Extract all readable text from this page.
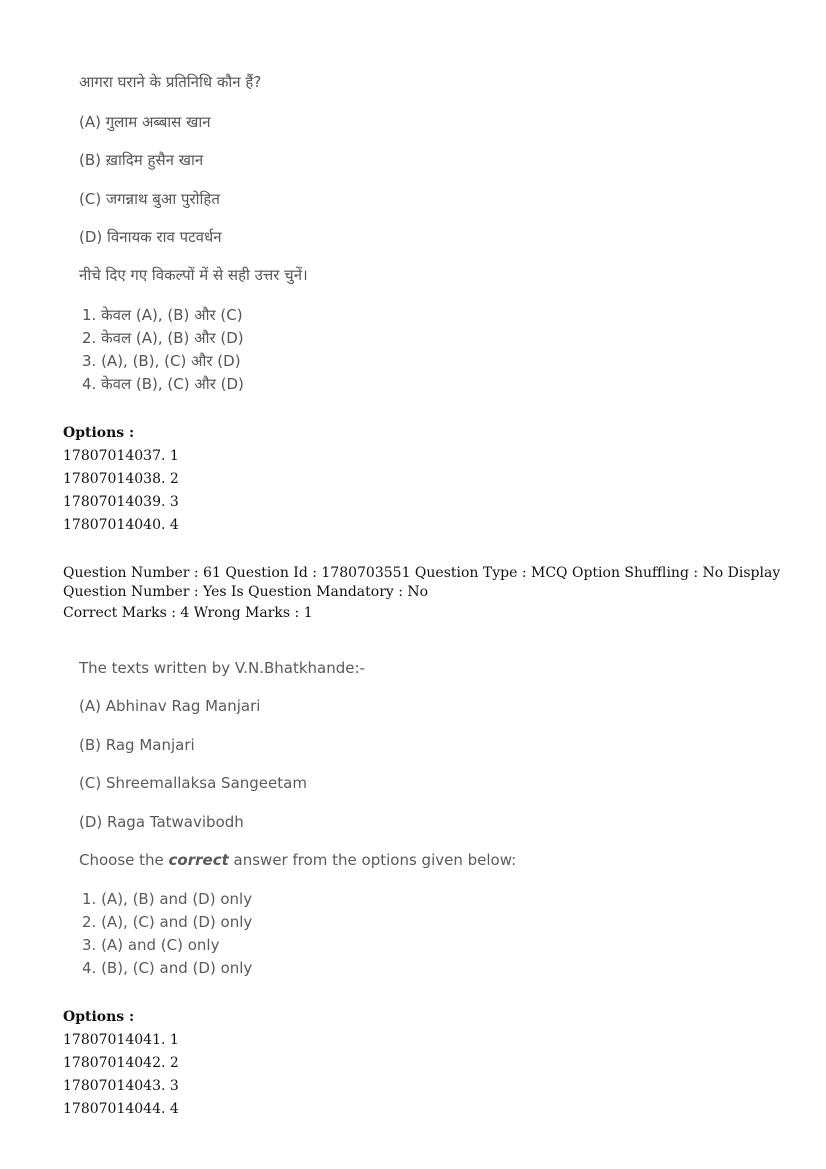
आगरा घराने के प्रतिनिधि कौन हैं?
(A) गुलाम अब्बास खान
(B) ख़ादिम हुसैन खान
(C) जगन्नाथ बुआ पुरोहित
(D) विनायक राव पटवर्धन
नीचे दिए गए विकल्पों में से सही उत्तर चुनें।
1. केवल (A), (B) और (C)
2. केवल (A), (B) और (D)
3. (A), (B), (C) और (D)
4. केवल (B), (C) और (D)
Options :
17807014037. 1
17807014038. 2
17807014039. 3
17807014040. 4
Question Number : 61 Question Id : 1780703551 Question Type : MCQ Option Shuffling : No Display
Question Number : Yes Is Question Mandatory : No
Correct Marks : 4 Wrong Marks : 1
The texts written by V.N.Bhatkhande:-
(A) Abhinav Rag Manjari
(B) Rag Manjari
(C) Shreemallaksa Sangeetam
(D) Raga Tatwavibodh
Choose the correct answer from the options given below:
1. (A), (B) and (D) only
2. (A), (C) and (D) only
3. (A) and (C) only
4. (B), (C) and (D) only
Options :
17807014041. 1
17807014042. 2
17807014043. 3
17807014044. 4
